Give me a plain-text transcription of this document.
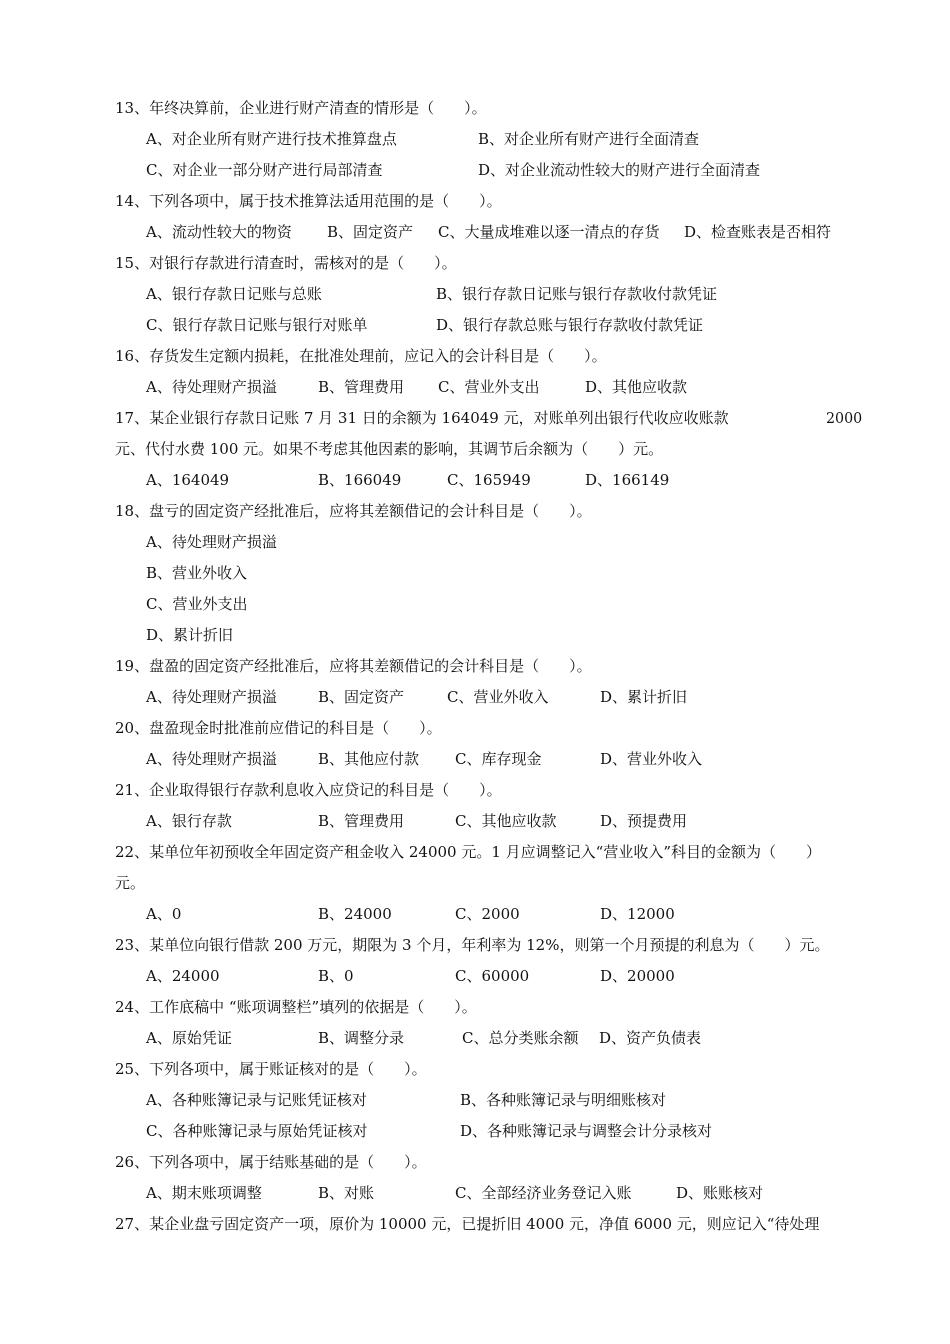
13、年终决算前，企业进行财产清查的情形是（　　）。
A、对企业所有财产进行技术推算盘点	B、对企业所有财产进行全面清查
C、对企业一部分财产进行局部清查	D、对企业流动性较大的财产进行全面清查
14、下列各项中，属于技术推算法适用范围的是（　　）。
A、流动性较大的物资 B、固定资产 C、大量成堆难以逐一清点的存货 D、检查账表是否相符
15、对银行存款进行清查时，需核对的是（　　）。
A、银行存款日记账与总账	B、银行存款日记账与银行存款收付款凭证
C、银行存款日记账与银行对账单	D、银行存款总账与银行存款收付款凭证
16、存货发生定额内损耗，在批准处理前，应记入的会计科目是（　　）。
A、待处理财产损溢	B、管理费用 C、营业外支出	D、其他应收款
17、某企业银行存款日记账 7 月 31 日的余额为 164049 元，对账单列出银行代收应收账款	2000
元、代付水费 100 元。如果不考虑其他因素的影响，其调节后余额为（　　）元。
A、164049	B、166049	C、165949	D、166149
18、盘亏的固定资产经批准后，应将其差额借记的会计科目是（　　）。
A、待处理财产损溢
B、营业外收入
C、营业外支出
D、累计折旧
19、盘盈的固定资产经批准后，应将其差额借记的会计科目是（　　）。
A、待处理财产损溢	B、固定资产	C、营业外收入	D、累计折旧
20、盘盈现金时批准前应借记的科目是（　　）。
A、待处理财产损溢	B、其他应付款 C、库存现金	D、营业外收入
21、企业取得银行存款利息收入应贷记的科目是（　　）。
A、银行存款	B、管理费用	C、其他应收款	D、预提费用
22、某单位年初预收全年固定资产租金收入 24000 元。1 月应调整记入“营业收入”科目的金额为（　　）
元。
A、0	B、24000	C、2000	D、12000
23、某单位向银行借款 200 万元，期限为 3 个月，年利率为 12%，则第一个月预提的利息为（　　）元。
A、24000	B、0	C、60000	D、20000
24、工作底稿中 “账项调整栏”填列的依据是（　　）。
A、原始凭证	B、调整分录	C、总分类账余额 D、资产负债表
25、下列各项中，属于账证核对的是（　　）。
A、各种账簿记录与记账凭证核对	B、各种账簿记录与明细账核对
C、各种账簿记录与原始凭证核对	D、各种账簿记录与调整会计分录核对
26、下列各项中，属于结账基础的是（　　）。
A、期末账项调整	B、对账	C、全部经济业务登记入账	D、账账核对
27、某企业盘亏固定资产一项，原价为 10000 元，已提折旧 4000 元，净值 6000 元，则应记入“待处理
